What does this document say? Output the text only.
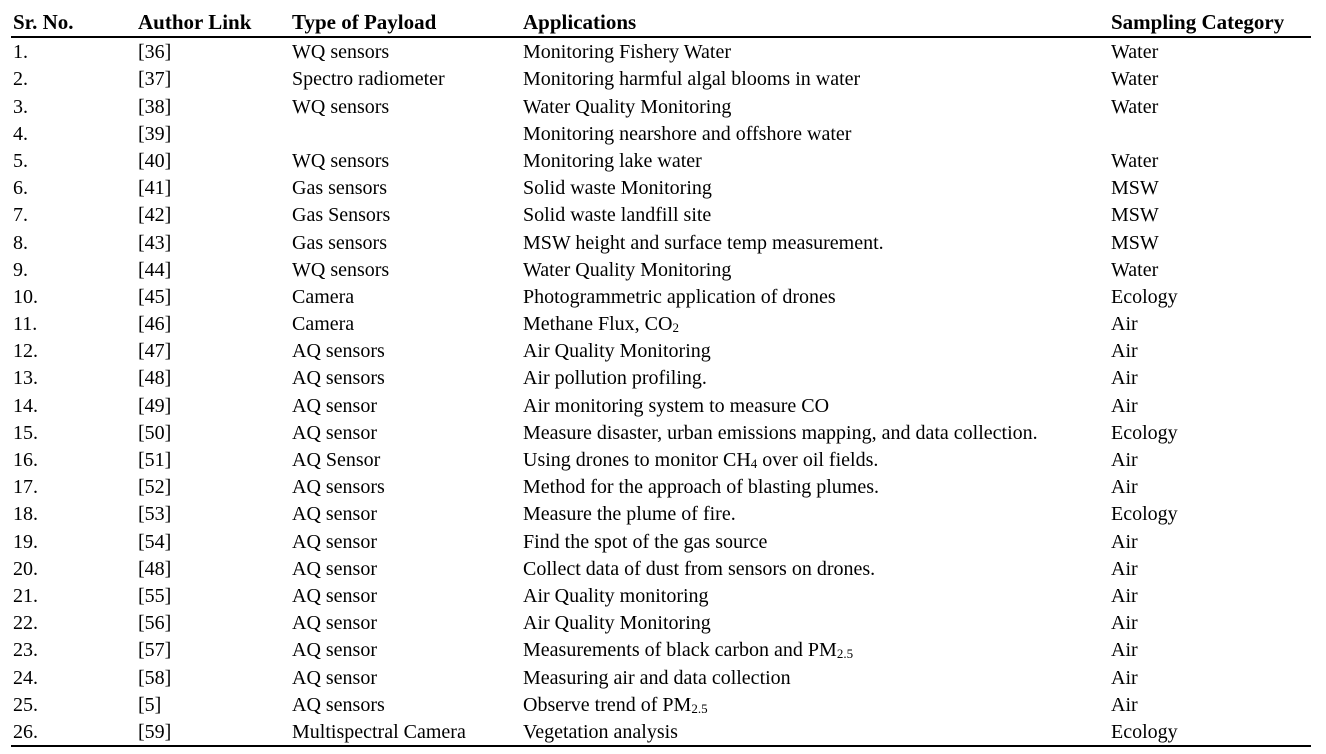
Sr. No.	Author Link	Type of Payload	Applications	Sampling Category
1.	[36]	WQ sensors	Monitoring Fishery Water	Water
2.	[37]	Spectro radiometer	Monitoring harmful algal blooms in water	Water
3.	[38]	WQ sensors	Water Quality Monitoring	Water
4.	[39]		Monitoring nearshore and offshore water	
5.	[40]	WQ sensors	Monitoring lake water	Water
6.	[41]	Gas sensors	Solid waste Monitoring	MSW
7.	[42]	Gas Sensors	Solid waste landfill site	MSW
8.	[43]	Gas sensors	MSW height and surface temp measurement.	MSW
9.	[44]	WQ sensors	Water Quality Monitoring	Water
10.	[45]	Camera	Photogrammetric application of drones	Ecology
11.	[46]	Camera	Methane Flux, $CO_2$	Air
12.	[47]	AQ sensors	Air Quality Monitoring	Air
13.	[48]	AQ sensors	Air pollution profiling.	Air
14.	[49]	AQ sensor	Air monitoring system to measure CO	Air
15.	[50]	AQ sensor	Measure disaster, urban emissions mapping, and data collection.	Ecology
16.	[51]	AQ Sensor	Using drones to monitor $CH_4$ over oil fields.	Air
17.	[52]	AQ sensors	Method for the approach of blasting plumes.	Air
18.	[53]	AQ sensor	Measure the plume of fire.	Ecology
19.	[54]	AQ sensor	Find the spot of the gas source	Air
20.	[48]	AQ sensor	Collect data of dust from sensors on drones.	Air
21.	[55]	AQ sensor	Air Quality monitoring	Air
22.	[56]	AQ sensor	Air Quality Monitoring	Air
23.	[57]	AQ sensor	Measurements of black carbon and $PM_{2.5}$	Air
24.	[58]	AQ sensor	Measuring air and data collection	Air
25.	[5]	AQ sensors	Observe trend of $PM_{2.5}$	Air
26.	[59]	Multispectral Camera	Vegetation analysis	Ecology
